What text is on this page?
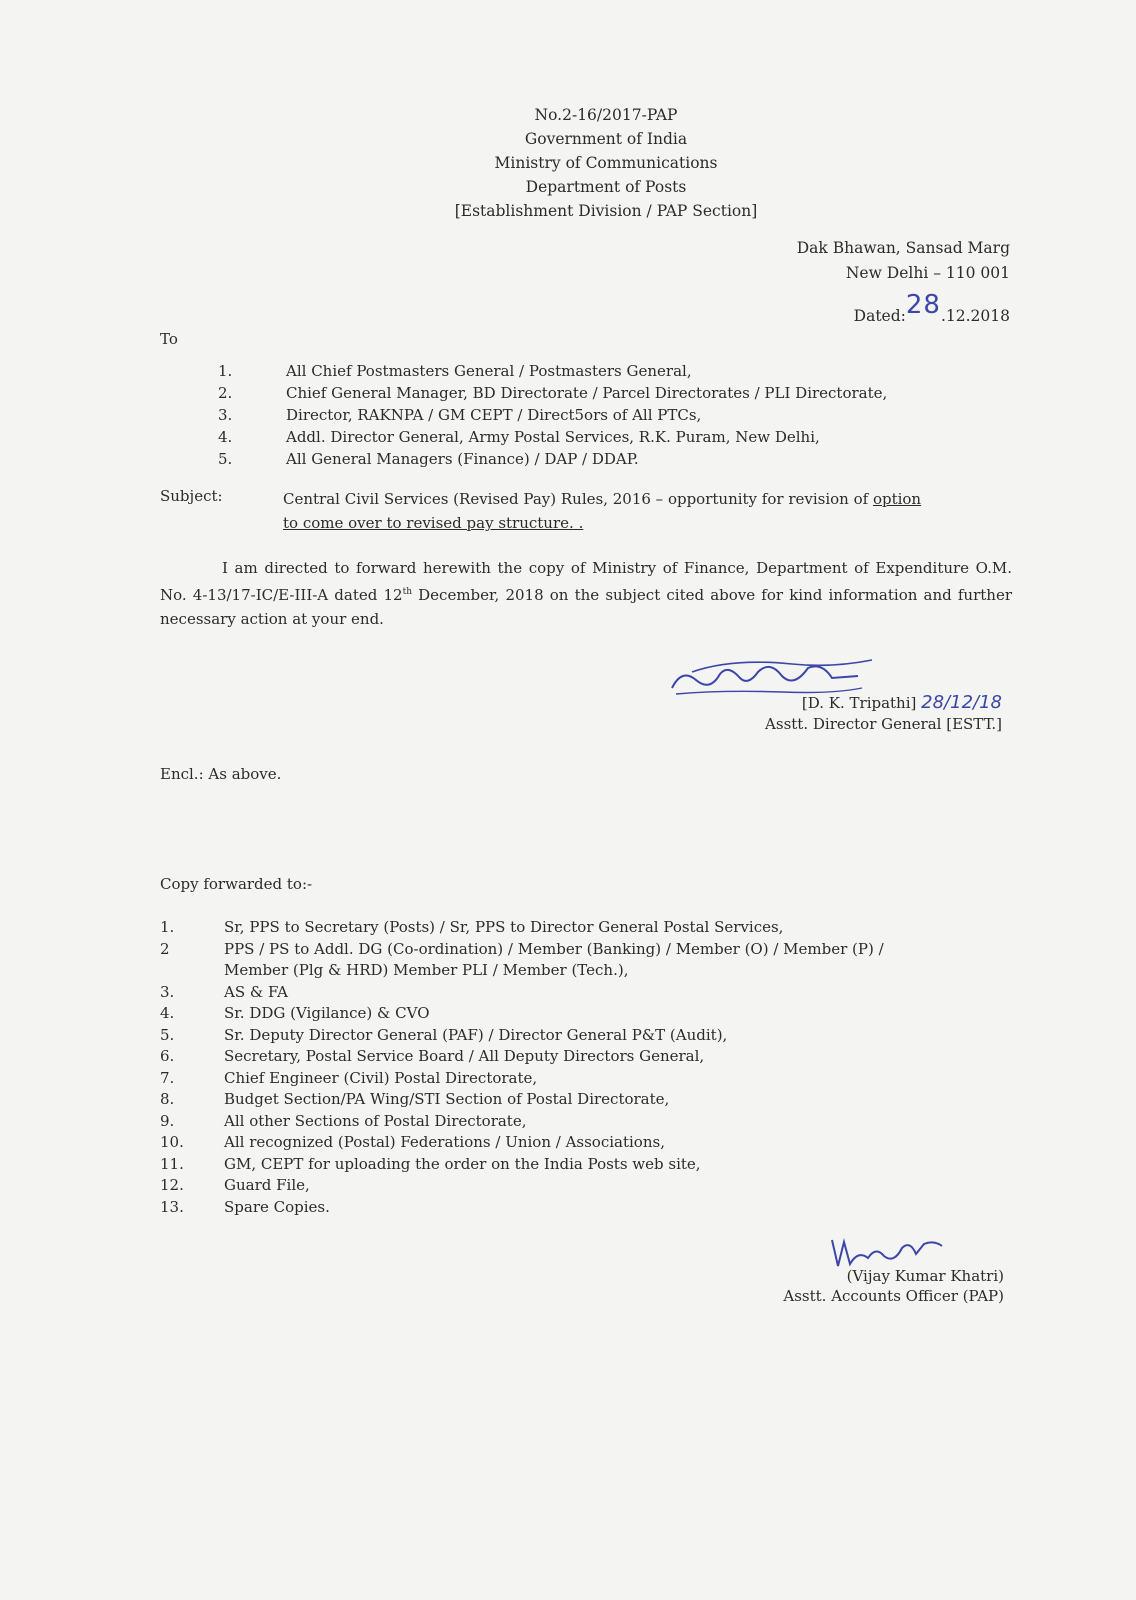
No.2-16/2017-PAP
Government of India
Ministry of Communications
Department of Posts
[Establishment Division / PAP Section]
Dak Bhawan, Sansad Marg
New Delhi – 110 001
Dated:28.12.2018
To
1.	All Chief Postmasters General / Postmasters General,
2.	Chief General Manager, BD Directorate / Parcel Directorates / PLI Directorate,
3.	Director, RAKNPA / GM CEPT / Direct5ors of All PTCs,
4.	Addl. Director General, Army Postal Services, R.K. Puram, New Delhi,
5.	All General Managers (Finance) / DAP / DDAP.
Subject:	Central Civil Services (Revised Pay) Rules, 2016 – opportunity for revision of option
to come over to revised pay structure. .
I am directed to forward herewith the copy of Ministry of Finance, Department of Expenditure O.M. No. 4-13/17-IC/E-III-A dated 12th December, 2018 on the subject cited above for kind information and further necessary action at your end.
[D. K. Tripathi] 28/12/18
Asstt. Director General [ESTT.]
Encl.: As above.
Copy forwarded to:-
1.	Sr, PPS to Secretary (Posts) / Sr, PPS to Director General Postal Services,
2	PPS / PS to Addl. DG (Co-ordination) / Member (Banking) / Member (O) / Member (P) /
Member (Plg & HRD) Member PLI / Member (Tech.),
3.	AS & FA
4.	Sr. DDG (Vigilance) & CVO
5.	Sr. Deputy Director General (PAF) / Director General P&T (Audit),
6.	Secretary, Postal Service Board / All Deputy Directors General,
7.	Chief Engineer (Civil) Postal Directorate,
8.	Budget Section/PA Wing/STI Section of Postal Directorate,
9.	All other Sections of Postal Directorate,
10.	All recognized (Postal) Federations / Union / Associations,
11.	GM, CEPT for uploading the order on the India Posts web site,
12.	Guard File,
13.	Spare Copies.
(Vijay Kumar Khatri)
Asstt. Accounts Officer (PAP)
